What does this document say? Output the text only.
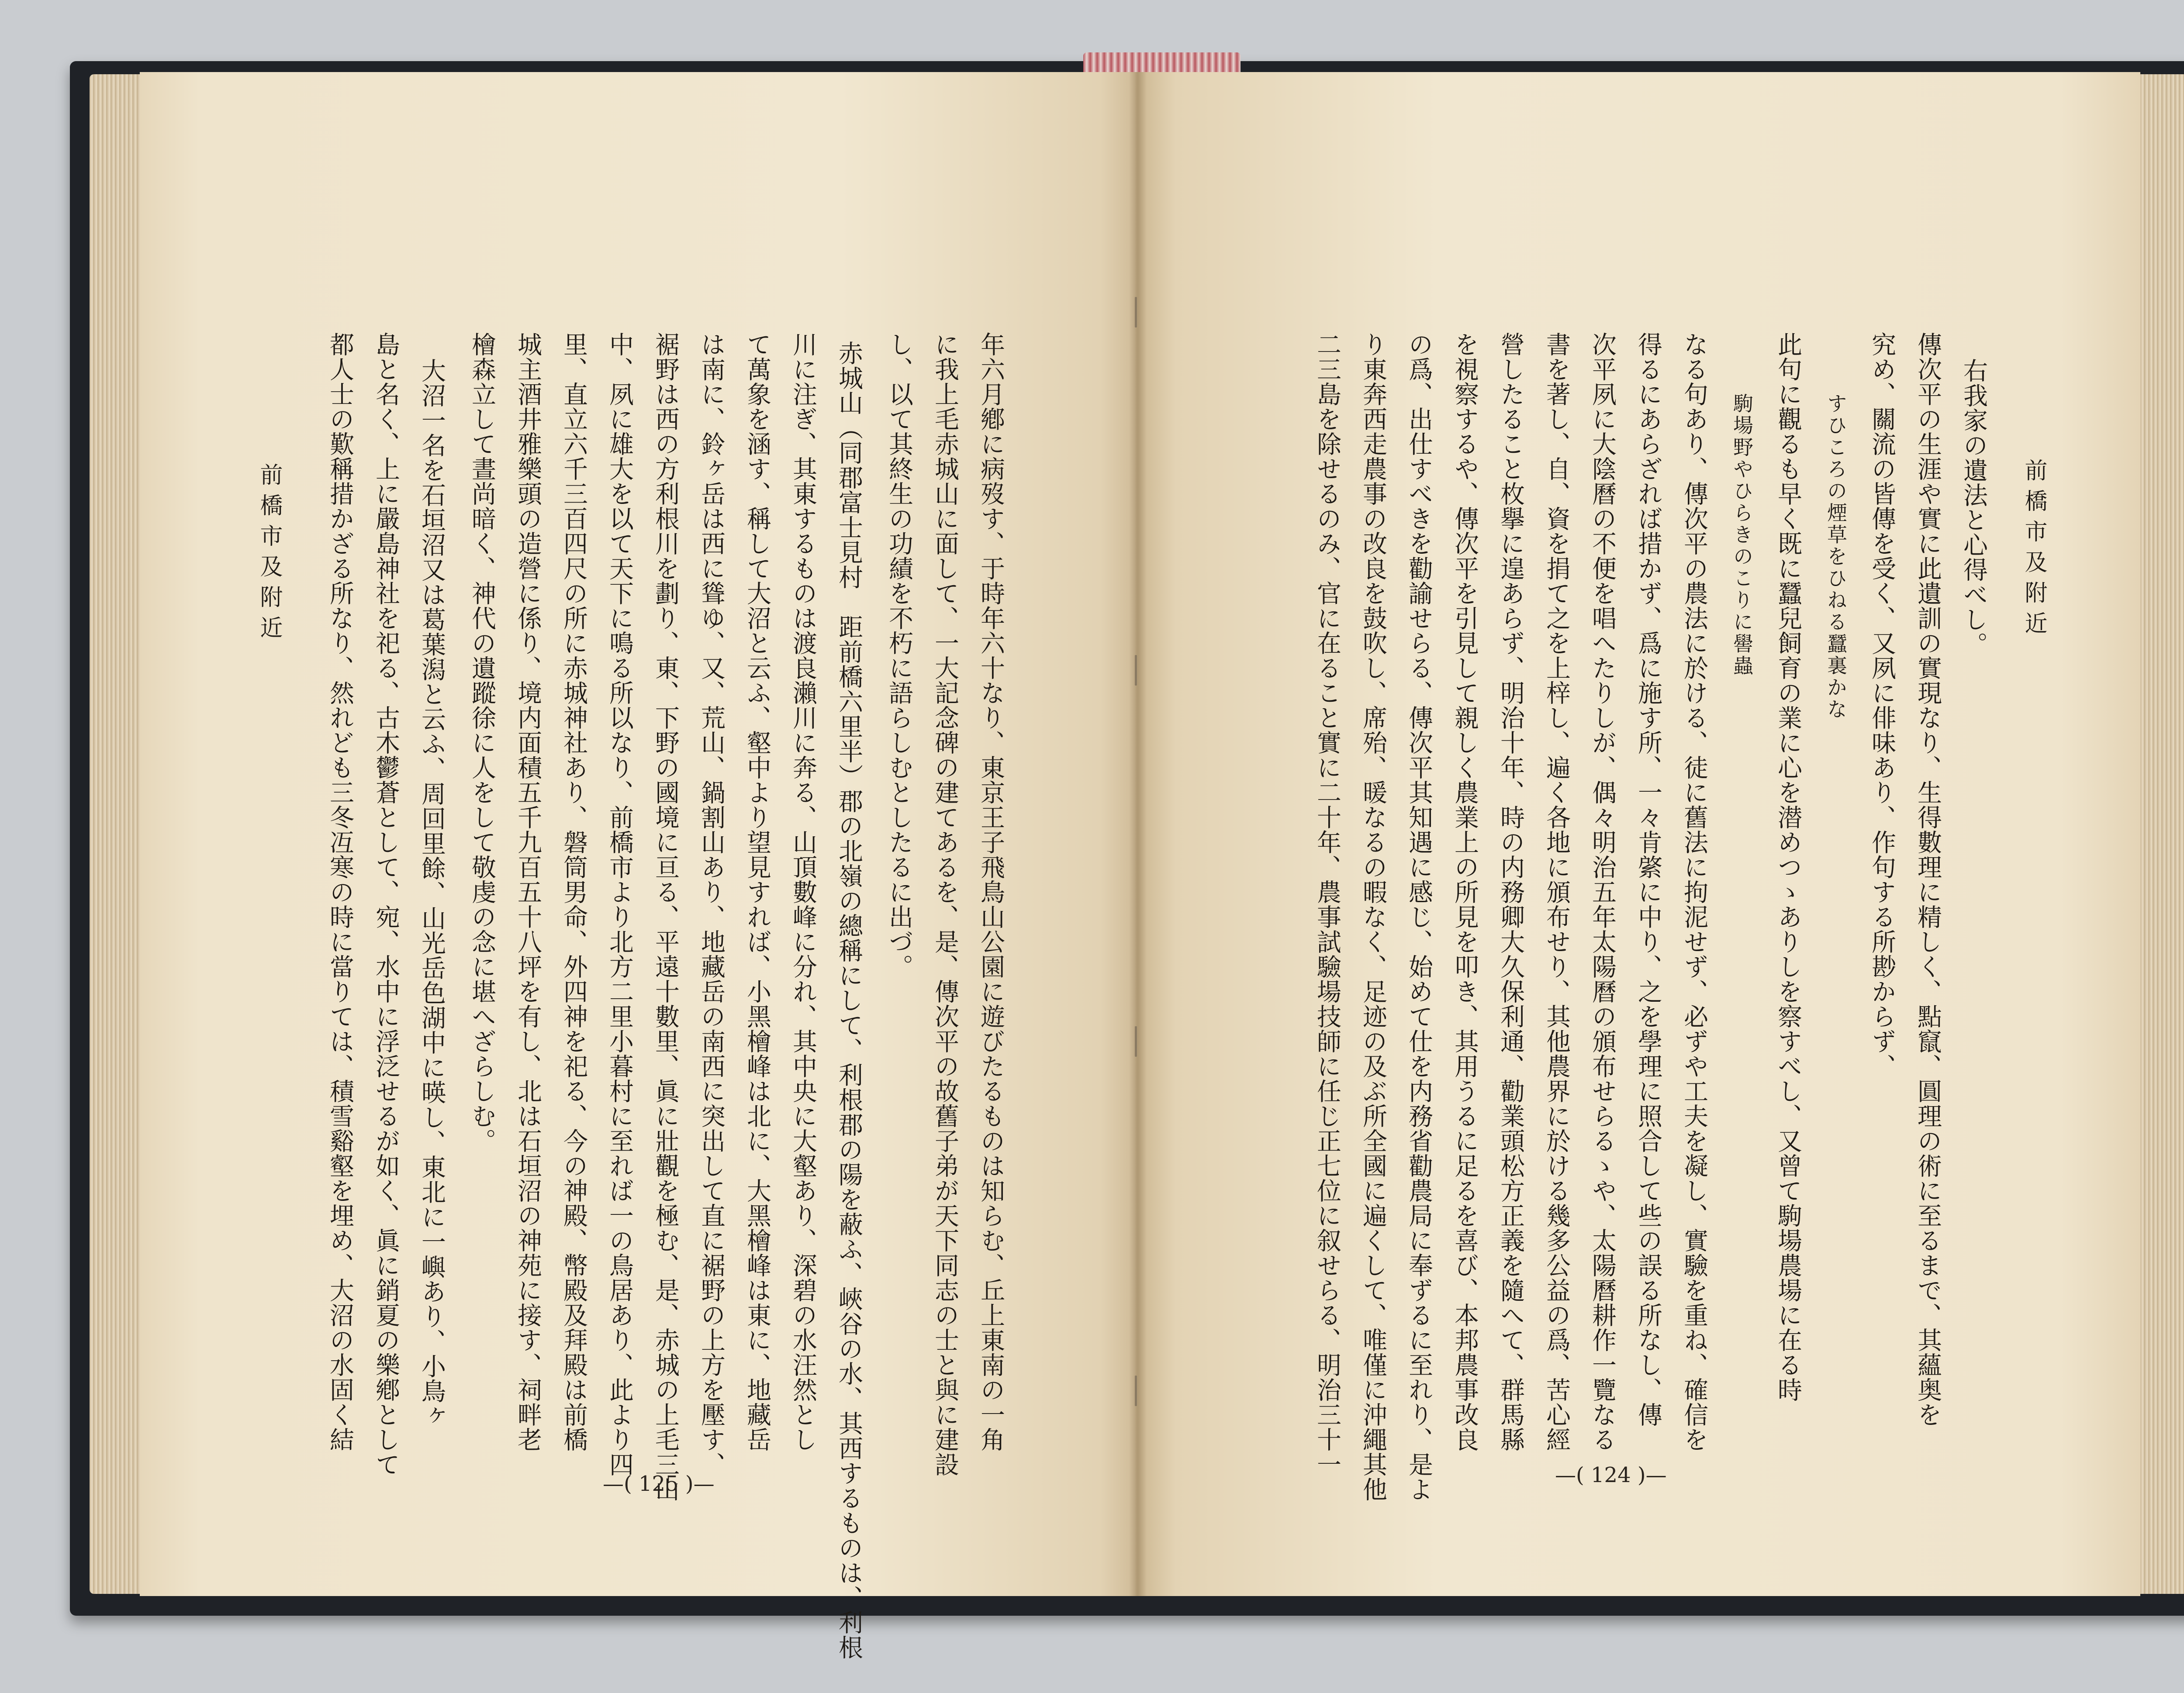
前橋市及附近

右我家の遺法と心得べし。

傳次平の生涯や實に此遺訓の實現なり、生得數理に精しく、點竄、圓理の術に至るまで、其蘊奥を

究め、關流の皆傳を受く、又夙に俳味あり、作句する所尠からず、

すひころの煙草をひねる蠶裏かな

此句に觀るも早く既に蠶兒飼育の業に心を潜めつゝありしを察すべし、又曾て駒場農場に在る時

駒場野やひらきのこりに嚳蟲

なる句あり、傳次平の農法に於ける、徒に舊法に拘泥せず、必ずや工夫を凝し、實驗を重ね、確信を

得るにあらざれば措かず、爲に施す所、一々肯綮に中り、之を學理に照合して些の誤る所なし、傳

次平夙に大陰曆の不便を唱へたりしが、偶々明治五年太陽曆の頒布せらるゝや、太陽曆耕作一覽なる

書を著し、自、資を捐て之を上梓し、遍く各地に頒布せり、其他農界に於ける幾多公益の爲、苦心經

營したること枚擧に遑あらず、明治十年、時の内務卿大久保利通、勸業頭松方正義を隨へて、群馬縣

を視察するや、傳次平を引見して親しく農業上の所見を叩き、其用うるに足るを喜び、本邦農事改良

の爲、出仕すべきを勸諭せらる、傳次平其知遇に感じ、始めて仕を内務省勸農局に奉ずるに至れり、是よ

り東奔西走農事の改良を鼓吹し、席殆、暖なるの暇なく、足迹の及ぶ所全國に遍くして、唯僅に沖繩其他

二三島を除せるのみ、官に在ること實に二十年、農事試驗場技師に任じ正七位に叙せらる、明治三十一	—( 124 )—

年六月鄕に病歿す、于時年六十なり、東京王子飛鳥山公園に遊びたるものは知らむ、丘上東南の一角

に我上毛赤城山に面して、一大記念碑の建てあるを、是、傳次平の故舊子弟が天下同志の士と與に建設

し、以て其終生の功績を不朽に語らしむとしたるに出づ。

赤城山（同郡富士見村　距前橋六里半）郡の北嶺の總稱にして、利根郡の陽を蔽ふ、峽谷の水、其西するものは、利根

川に注ぎ、其東するものは渡良瀨川に奔る、山頂數峰に分れ、其中央に大壑あり、深碧の水汪然とし

て萬象を涵す、稱して大沼と云ふ、壑中より望見すれば、小黑檜峰は北に、大黑檜峰は東に、地藏岳

は南に、鈴ヶ岳は西に聳ゆ、又、荒山、鍋割山あり、地藏岳の南西に突出して直に裾野の上方を壓す、

裾野は西の方利根川を劃り、東、下野の國境に亘る、平遠十數里、眞に壯觀を極む、是、赤城の上毛三山

中、夙に雄大を以て天下に鳴る所以なり、前橋市より北方二里小暮村に至れば一の鳥居あり、此より四

里、直立六千三百四尺の所に赤城神社あり、磐筒男命、外四神を祀る、今の神殿、幣殿及拜殿は前橋

城主酒井雅樂頭の造營に係り、境内面積五千九百五十八坪を有し、北は石垣沼の神苑に接す、祠畔老

檜森立して晝尚暗く、神代の遺蹤徐に人をして敬虔の念に堪へざらしむ。

大沼一名を石垣沼又は葛葉潟と云ふ、周回里餘、山光岳色湖中に暎し、東北に一嶼あり、小鳥ヶ

島と名く、上に嚴島神社を祀る、古木鬱蒼として、宛、水中に浮泛せるが如く、眞に銷夏の樂鄕として

都人士の歎稱措かざる所なり、然れども三冬冱寒の時に當りては、積雪谿壑を埋め、大沼の水固く結

前橋市及附近

—( 125 )—
